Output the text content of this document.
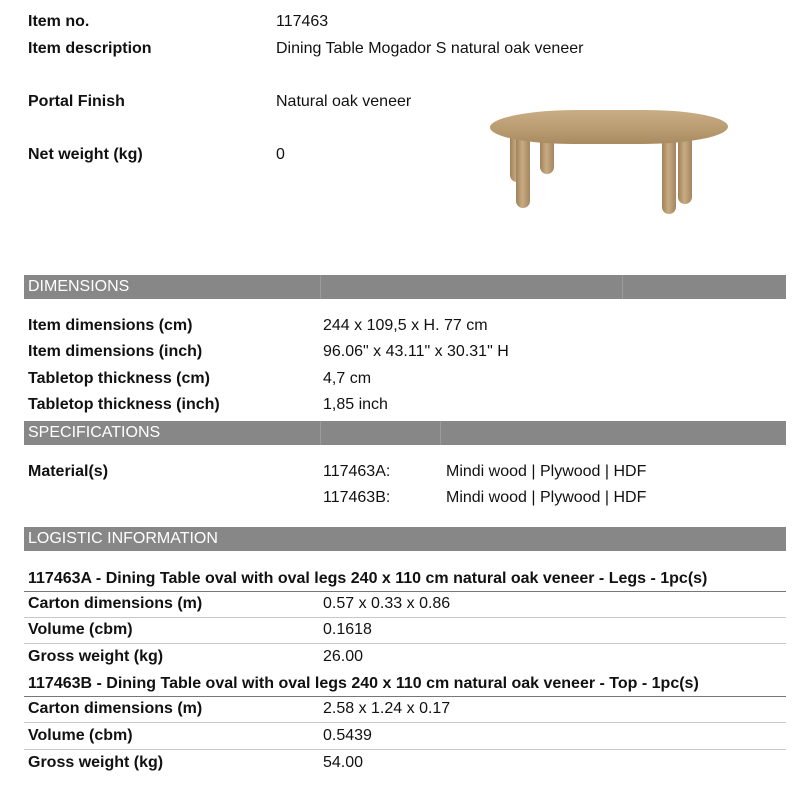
Item no.	117463
Item description	Dining Table Mogador S natural oak veneer
Portal Finish	Natural oak veneer
Net weight (kg)	0
DIMENSIONS
Item dimensions (cm)	244 x 109,5 x H. 77 cm
Item dimensions (inch)	96.06" x 43.11" x 30.31" H
Tabletop thickness (cm)	4,7 cm
Tabletop thickness (inch)	1,85 inch
SPECIFICATIONS
Material(s)	117463A:	Mindi wood | Plywood | HDF
117463B:	Mindi wood | Plywood | HDF
LOGISTIC INFORMATION
117463A - Dining Table oval with oval legs 240 x 110 cm natural oak veneer - Legs - 1pc(s)
Carton dimensions (m)	0.57 x 0.33 x 0.86
Volume (cbm)	0.1618
Gross weight (kg)	26.00
117463B - Dining Table oval with oval legs 240 x 110 cm natural oak veneer - Top - 1pc(s)
Carton dimensions (m)	2.58 x 1.24 x 0.17
Volume (cbm)	0.5439
Gross weight (kg)	54.00
